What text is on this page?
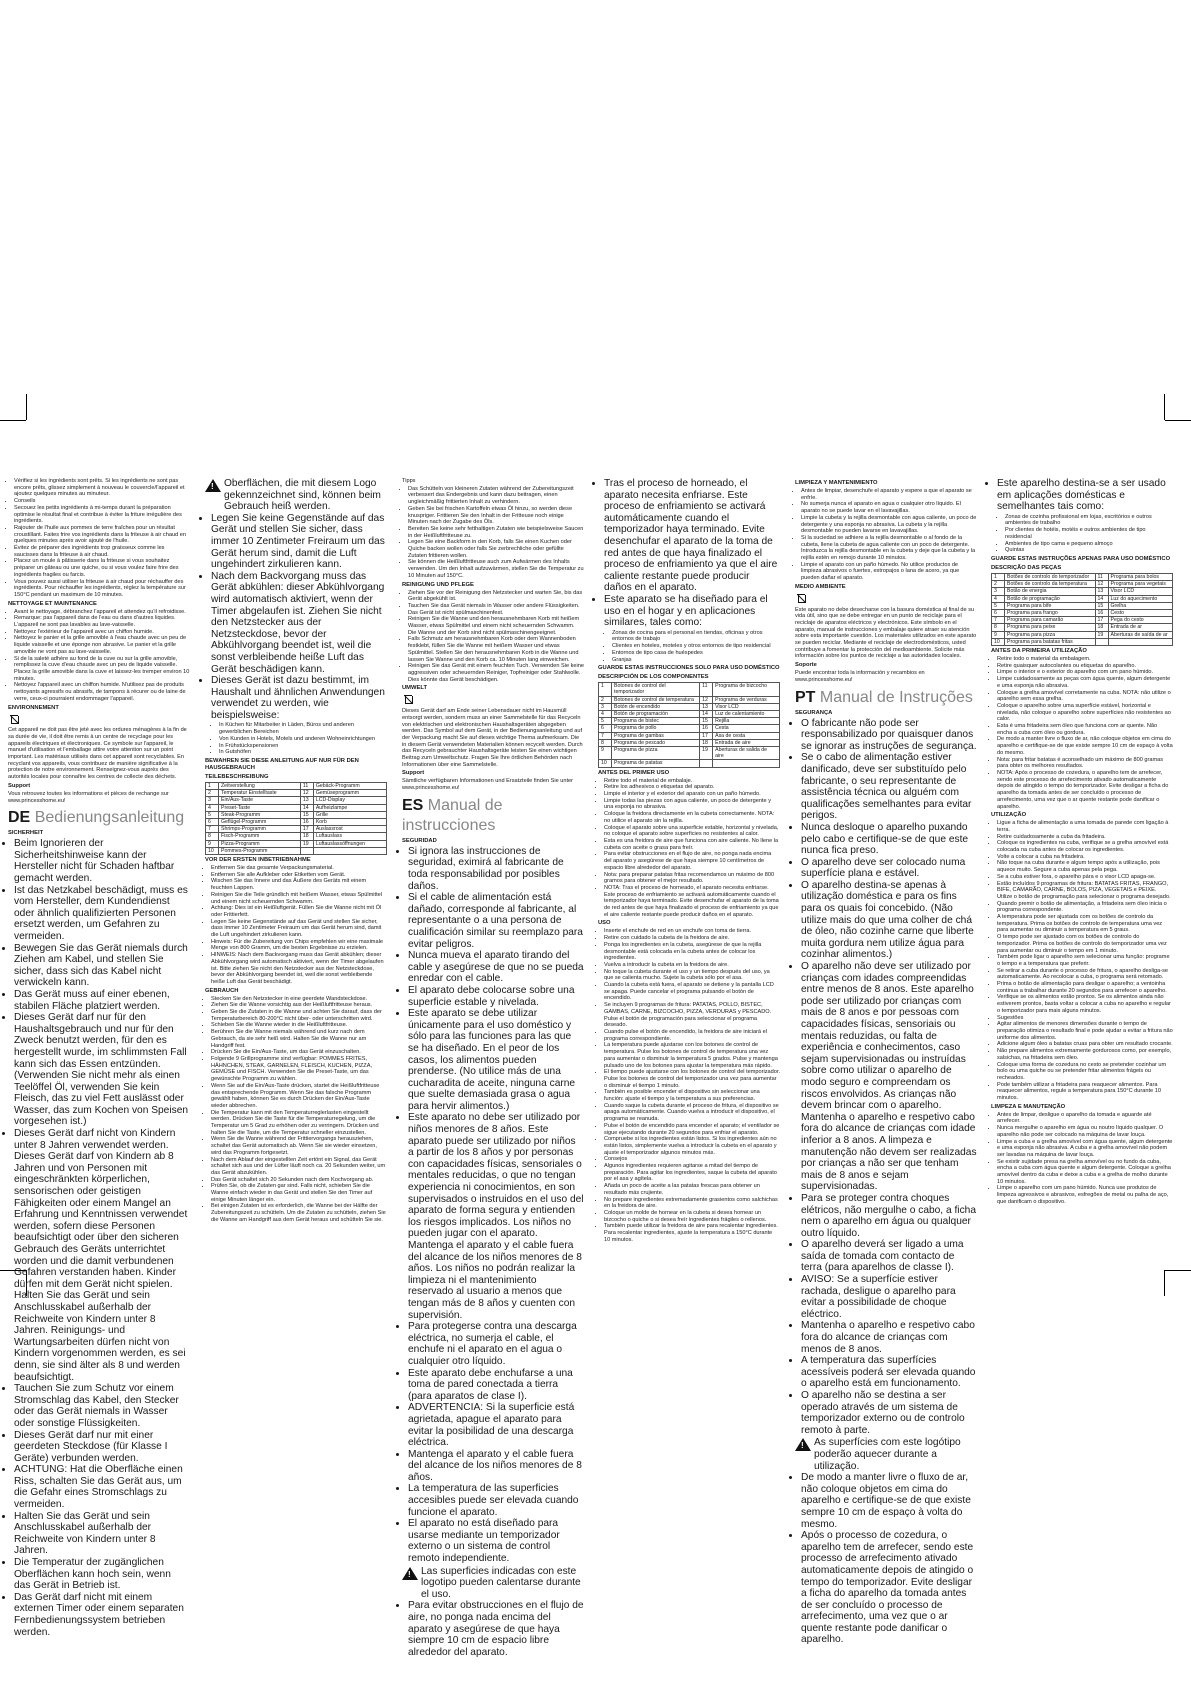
• Vérifiez si les ingrédients sont prêts. Si les ingrédients ne sont pas encore prêts, glissez simplement à nouveau le couvercle/l'appareil et ajoutez quelques minutes au minuteur.
• Conseils
• Secouez les petits ingrédients à mi-temps durant la préparation optimise le résultat final et contribue à éviter la friture irrégulière des ingrédients.
• Rajouter de l'huile aux pommes de terre fraîches pour un résultat croustillant. Faites frire vos ingrédients dans la friteuse à air chaud en quelques minutes après avoir ajouté de l'huile.
• Évitez de préparer des ingrédients trop graisseux comme les saucisses dans la friteuse à air chaud.
• Placez un moule à pâtisserie dans la friteuse si vous souhaitez préparer un gâteau ou une quiche, ou si vous voulez faire frire des ingrédients fragiles ou farcis.
• Vous pouvez aussi utiliser la friteuse à air chaud pour réchauffer des ingrédients. Pour réchauffer les ingrédients, réglez la température sur 150°C pendant un maximum de 10 minutes.
NETTOYAGE ET MAINTENANCE
• Avant le nettoyage, débranchez l'appareil et attendez qu'il refroidisse.
• Remarque: pas l'appareil dans de l'eau ou dans d'autres liquides. L'appareil ne sont pas lavables au lave-vaisselle.
• Nettoyez l'extérieur de l'appareil avec un chiffon humide.
• Nettoyez le panier et la grille amovible à l'eau chaude avec un peu de liquide vaisselle et une éponge non abrasive. Le panier et la grille amovible ne vont pas au lave-vaisselle.
• Si de la saleté adhère au fond de la cuve ou sur la grille amovible, remplissez la cuve d'eau chaude avec un peu de liquide vaisselle. Placez la grille amovible dans la cuve et laissez-les tremper environ 10 minutes.
• Nettoyez l'appareil avec un chiffon humide. N'utilisez pas de produits nettoyants agressifs ou abrasifs, de tampons à récurer ou de laine de verre, ceux-ci pourraient endommager l'appareil.
ENVIRONNEMENT

Cet appareil ne doit pas être jeté avec les ordures ménagères à la fin de sa durée de vie, il doit être remis à un centre de recyclage pour les appareils électriques et électroniques. Ce symbole sur l'appareil, le manuel d'utilisation et l'emballage attire votre attention sur un point important. Les matériaux utilisés dans cet appareil sont recyclables. En recyclant vos appareils, vous contribuez de manière significative à la protection de notre environnement. Renseignez-vous auprès des autorités locales pour connaître les centres de collecte des déchets.

Support

Vous retrouvez toutes les informations et pièces de rechange sur www.princesshome.eu!

DE Bedienungsanleitung
SICHERHEIT
• Beim Ignorieren der Sicherheitshinweise kann der Hersteller nicht für Schaden haftbar gemacht werden.
• Ist das Netzkabel beschädigt, muss es vom Hersteller, dem Kundendienst oder ähnlich qualifizierten Personen ersetzt werden, um Gefahren zu vermeiden.
• Bewegen Sie das Gerät niemals durch Ziehen am Kabel, und stellen Sie sicher, dass sich das Kabel nicht verwickeln kann.
• Das Gerät muss auf einer ebenen, stabilen Fläche platziert werden.
• Dieses Gerät darf nur für den Haushaltsgebrauch und nur für den Zweck benutzt werden, für den es hergestellt wurde, im schlimmsten Fall kann sich das Essen entzünden. (Verwenden Sie nicht mehr als einen Teelöffel Öl, verwenden Sie kein Fleisch, das zu viel Fett auslässt oder Wasser, das zum Kochen von Speisen vorgesehen ist.)
• Dieses Gerät darf nicht von Kindern unter 8 Jahren verwendet werden. Dieses Gerät darf von Kindern ab 8 Jahren und von Personen mit eingeschränkten körperlichen, sensorischen oder geistigen Fähigkeiten oder einem Mangel an Erfahrung und Kenntnissen verwendet werden, sofern diese Personen beaufsichtigt oder über den sicheren Gebrauch des Geräts unterrichtet worden und die damit verbundenen Gefahren verstanden haben. Kinder dürfen mit dem Gerät nicht spielen. Halten Sie das Gerät und sein Anschlusskabel außerhalb der Reichweite von Kindern unter 8 Jahren. Reinigungs- und Wartungsarbeiten dürfen nicht von Kindern vorgenommen werden, es sei denn, sie sind älter als 8 und werden beaufsichtigt.
• Tauchen Sie zum Schutz vor einem Stromschlag das Kabel, den Stecker oder das Gerät niemals in Wasser oder sonstige Flüssigkeiten.
• Dieses Gerät darf nur mit einer geerdeten Steckdose (für Klasse I Geräte) verbunden werden.
• ACHTUNG: Hat die Oberfläche einen Riss, schalten Sie das Gerät aus, um die Gefahr eines Stromschlags zu vermeiden.
• Halten Sie das Gerät und sein Anschlusskabel außerhalb der Reichweite von Kindern unter 8 Jahren.
• Die Temperatur der zugänglichen Oberflächen kann hoch sein, wenn das Gerät in Betrieb ist.
• Das Gerät darf nicht mit einem externen Timer oder einem separaten Fernbedienungssystem betrieben werden.
!
Oberflächen, die mit diesem Logo gekennzeichnet sind, können beim Gebrauch heiß werden.
• Legen Sie keine Gegenstände auf das Gerät und stellen Sie sicher, dass immer 10 Zentimeter Freiraum um das Gerät herum sind, damit die Luft ungehindert zirkulieren kann.
• Nach dem Backvorgang muss das Gerät abkühlen: dieser Abkühlvorgang wird automatisch aktiviert, wenn der Timer abgelaufen ist. Ziehen Sie nicht den Netzstecker aus der Netzsteckdose, bevor der Abkühlvorgang beendet ist, weil die sonst verbleibende heiße Luft das Gerät beschädigen kann.
• Dieses Gerät ist dazu bestimmt, im Haushalt und ähnlichen Anwendungen verwendet zu werden, wie beispielsweise:
• In Küchen für Mitarbeiter in Läden, Büros und anderen gewerblichen Bereichen
• Von Kunden in Hotels, Motels und anderen Wohneinrichtungen
• In Frühstückspensionen
• In Gutshöfen
BEWAHREN SIE DIESE ANLEITUNG AUF NUR FÜR DEN HAUSGEBRAUCH
TEILEBESCHREIBUNG
1	Zeitverstellung	11	Gebäck-Programm
2	Temperatur Einstelltaste	12	Gemüseprogramm
3	Ein/Aus-Taste	13	LCD-Display
4	Preset-Taste	14	Aufheizlampe
5	Steak-Programm	15	Grille
6	Geflügel-Programm	16	Korb
7	Shrimps-Programm	17	Auslassrost
8	Fisch-Programm	18	Luftauslass
9	Pizza-Programm	19	Luftauslassöffnungen
10	Pommes-Programm		
VOR DER ERSTEN INBETRIEBNAHME
• Entfernen Sie das gesamte Verpackungsmaterial.
• Entfernen Sie alle Aufkleber oder Etiketten vom Gerät.
• Wischen Sie das Innere und das Äußere des Geräts mit einem feuchten Lappen.
• Reinigen Sie die Teile gründlich mit heißem Wasser, etwas Spülmittel und einem nicht scheuernden Schwamm.
• Achtung: Dies ist ein Heißluftgerät. Füllen Sie die Wanne nicht mit Öl oder Frittierfett.
• Legen Sie keine Gegenstände auf das Gerät und stellen Sie sicher, dass immer 10 Zentimeter Freiraum um das Gerät herum sind, damit die Luft ungehindert zirkulieren kann.
• Hinweis: Für die Zubereitung von Chips empfehlen wir eine maximale Menge von 800 Gramm, um die besten Ergebnisse zu erzielen.
• HINWEIS: Nach dem Backvorgang muss das Gerät abkühlen; dieser Abkühlvorgang wird automatisch aktiviert, wenn der Timer abgelaufen ist. Bitte ziehen Sie nicht den Netzstecker aus der Netzsteckdose, bevor der Abkühlvorgang beendet ist, weil die sonst verbleibende heiße Luft das Gerät beschädigt.
GEBRAUCH
• Stecken Sie den Netzstecker in eine geerdete Wandsteckdose.
• Ziehen Sie die Wanne vorsichtig aus der Heißluftfritteuse heraus.
• Geben Sie die Zutaten in die Wanne und achten Sie darauf, dass der Temperaturbereich 80-200°C nicht über- oder unterschritten wird.
• Schieben Sie die Wanne wieder in die Heißluftfritteuse.
• Berühren Sie die Wanne niemals während und kurz nach dem Gebrauch, da sie sehr heiß wird. Halten Sie die Wanne nur am Handgriff fest.
• Drücken Sie die Ein/Aus-Taste, um das Gerät einzuschalten.
• Folgende 9 Grillprogramme sind verfügbar: POMMES FRITES, HÄHNCHEN, STEAK, GARNELEN, FLEISCH, KUCHEN, PIZZA, GEMÜSE und FISCH. Verwenden Sie die Preset-Taste, um das gewünschte Programm zu wählen.
• Wenn Sie auf die Ein/Aus-Taste drücken, startet die Heißluftfritteuse das entsprechende Programm. Wenn Sie das falsche Programm gewählt haben, können Sie es durch Drücken der Ein/Aus-Taste wieder abbrechen.
• Die Temperatur kann mit den Temperaturreglerlasten eingestellt werden. Drücken Sie die Taste für die Temperaturregelung, um die Temperatur um 5 Grad zu erhöhen oder zu verringern. Drücken und halten Sie die Taste, um die Temperatur schneller einzustellen.
• Wenn Sie die Wanne während der Frittiervorgangs herausziehen, schaltet das Gerät automatisch ab. Wenn Sie sie wieder einsetzen, wird das Programm fortgesetzt.
• Nach dem Ablauf der eingestellten Zeit ertönt ein Signal, das Gerät schaltet sich aus und der Lüfter läuft noch ca. 20 Sekunden weiter, um das Gerät abzukühlen.
• Das Gerät schaltet sich 20 Sekunden nach dem Kochvorgang ab.
• Prüfen Sie, ob die Zutaten gar sind. Falls nicht, schieben Sie die Wanne einfach wieder in das Gerät und stellen Sie den Timer auf einige Minuten länger ein.
• Bei einigen Zutaten ist es erforderlich, die Wanne bei der Hälfte der Zubereitungszeit zu schütteln. Um die Zutaten zu schütteln, ziehen Sie die Wanne am Handgriff aus dem Gerät heraus und schütteln Sie sie.

Tipps

• Das Schütteln von kleineren Zutaten während der Zubereitungszeit verbessert das Endergebnis und kann dazu beitragen, einen ungleichmäßig frittierten Inhalt zu verhindern.
• Geben Sie bei frischen Kartoffeln etwas Öl hinzu, so werden diese knuspriger. Frittieren Sie den Inhalt in der Fritteuse noch einige Minuten nach der Zugabe des Öls.
• Bereiten Sie keine sehr fetthaltigen Zutaten wie beispielsweise Saucen in der Heißluftfritteuse zu.
• Legen Sie eine Backform in den Korb, falls Sie einen Kuchen oder Quiche backen wollen oder falls Sie zerbrechliche oder gefüllte Zutaten frittieren wollen.
• Sie können die Heißluftfritteuse auch zum Aufwärmen des Inhalts verwenden. Um den Inhalt aufzuwärmen, stellen Sie die Temperatur zu 10 Minuten auf 150°C.
REINIGUNG UND PFLEGE
• Ziehen Sie vor der Reinigung den Netzstecker und warten Sie, bis das Gerät abgekühlt ist.
• Tauchen Sie das Gerät niemals in Wasser oder andere Flüssigkeiten. Das Gerät ist nicht spülmaschinenfest.
• Reinigen Sie die Wanne und den herausnehmbaren Korb mit heißem Wasser, etwas Spülmittel und einem nicht scheuernden Schwamm. Die Wanne und der Korb sind nicht spülmaschinengeeignet.
• Falls Schmutz am herausnehmbaren Korb oder dem Wannenboden festklebt, füllen Sie die Wanne mit heißem Wasser und etwas Spülmittel. Stellen Sie den herausnehmbaren Korb in die Wanne und lassen Sie Wanne und den Korb ca. 10 Minuten lang einweichen.
• Reinigen Sie das Gerät mit einem feuchten Tuch. Verwenden Sie keine aggressiven oder scheuernden Reiniger, Topfreiniger oder Stahlwolle. Dies könnte das Gerät beschädigen.
UMWELT

Dieses Gerät darf am Ende seiner Lebensdauer nicht im Hausmüll entsorgt werden, sondern muss an einer Sammelstelle für das Recyceln von elektrischen und elektronischen Haushaltsgeräten abgegeben werden. Das Symbol auf dem Gerät, in der Bedienungsanleitung und auf der Verpackung macht Sie auf dieses wichtige Thema aufmerksam. Die in diesem Gerät verwendeten Materialien können recycelt werden. Durch das Recyceln gebrauchter Haushaltsgeräte leisten Sie einen wichtigen Beitrag zum Umweltschutz. Fragen Sie Ihre örtlichen Behörden nach Informationen über eine Sammelstelle.

Support

Sämtliche verfügbaren Informationen und Ersatzteile finden Sie unter www.princesshome.eu!

ES Manual de instrucciones
SEGURIDAD
• Si ignora las instrucciones de seguridad, eximirá al fabricante de toda responsabilidad por posibles daños.
• Si el cable de alimentación está dañado, corresponde al fabricante, al representante o a una persona de cualificación similar su reemplazo para evitar peligros.
• Nunca mueva el aparato tirando del cable y asegúrese de que no se pueda enredar con el cable.
• El aparato debe colocarse sobre una superficie estable y nivelada.
• Este aparato se debe utilizar únicamente para el uso doméstico y sólo para las funciones para las que se ha diseñado. En el peor de los casos, los alimentos pueden prenderse. (No utilice más de una cucharadita de aceite, ninguna carne que suelte demasiada grasa o agua para hervir alimentos.)
• Este aparato no debe ser utilizado por niños menores de 8 años. Este aparato puede ser utilizado por niños a partir de los 8 años y por personas con capacidades físicas, sensoriales o mentales reducidas, o que no tengan experiencia ni conocimientos, en son supervisados o instruidos en el uso del aparato de forma segura y entienden los riesgos implicados. Los niños no pueden jugar con el aparato. Mantenga el aparato y el cable fuera del alcance de los niños menores de 8 años. Los niños no podrán realizar la limpieza ni el mantenimiento reservado al usuario a menos que tengan más de 8 años y cuenten con supervisión.
• Para protegerse contra una descarga eléctrica, no sumerja el cable, el enchufe ni el aparato en el agua o cualquier otro líquido.
• Este aparato debe enchufarse a una toma de pared conectada a tierra (para aparatos de clase I).
• ADVERTENCIA: Si la superficie está agrietada, apague el aparato para evitar la posibilidad de una descarga eléctrica.
• Mantenga el aparato y el cable fuera del alcance de los niños menores de 8 años.
• La temperatura de las superficies accesibles puede ser elevada cuando funcione el aparato.
• El aparato no está diseñado para usarse mediante un temporizador externo o un sistema de control remoto independiente.
!
Las superficies indicadas con este logotipo pueden calentarse durante el uso.
• Para evitar obstrucciones en el flujo de aire, no ponga nada encima del aparato y asegúrese de que haya siempre 10 cm de espacio libre alrededor del aparato.
• Tras el proceso de horneado, el aparato necesita enfriarse. Este proceso de enfriamiento se activará automáticamente cuando el temporizador haya terminado. Evite desenchufar el aparato de la toma de red antes de que haya finalizado el proceso de enfriamiento ya que el aire caliente restante puede producir daños en el aparato.
• Este aparato se ha diseñado para el uso en el hogar y en aplicaciones similares, tales como:
• Zonas de cocina para el personal en tiendas, oficinas y otros entornos de trabajo
• Clientes en hoteles, moteles y otros entornos de tipo residencial
• Entornos de tipo casa de huéspedes
• Granjas
GUARDE ESTAS INSTRUCCIONES SOLO PARA USO DOMÉSTICO
DESCRIPCIÓN DE LOS COMPONENTES
1	Botones de control del temporizador	11	Programa de bizcocho
2	Botones de control de temperatura	12	Programa de verduras
3	Botón de encendido	13	Visor LCD
4	Botón de programación	14	Luz de calentamiento
5	Programa de bistec	15	Rejilla
6	Programa de pollo	16	Cesta
7	Programa de gambas	17	Asa de cesta
8	Programa de pescado	18	Entrada de aire
9	Programa de pizza	19	Aberturas de salida de aire
10	Programa de patatas		
ANTES DEL PRIMER USO
• Retire todo el material de embalaje.
• Retire los adhesivos o etiquetas del aparato.
• Limpie el interior y el exterior del aparato con un paño húmedo.
• Limpie todas las piezas con agua caliente, un poco de detergente y una esponja no abrasiva.
• Coloque la freidora directamente en la cubeta correctamente. NOTA: no utilice el aparato sin la rejilla.
• Coloque el aparato sobre una superficie estable, horizontal y nivelada, no coloque el aparato sobre superficies no resistentes al calor.
• Esta es una freidora de aire que funciona con aire caliente. No llene la cubeta con aceite o grasa para freír.
• Para evitar obstrucciones en el flujo de aire, no ponga nada encima del aparato y asegúrese de que haya siempre 10 centímetros de espacio libre alrededor del aparato.
• Nota: para preparar patatas fritas recomendamos un máximo de 800 gramos para obtener el mejor resultado.
• NOTA: Tras el proceso de horneado, el aparato necesita enfriarse. Este proceso de enfriamiento se activará automáticamente cuando el temporizador haya terminado. Evite desenchufar el aparato de la toma de red antes de que haya finalizado el proceso de enfriamiento ya que el aire caliente restante puede producir daños en el aparato.
USO
• Inserte el enchufe de red en un enchufe con toma de tierra.
• Retire con cuidado la cubeta de la freidora de aire.
• Ponga los ingredientes en la cubeta, asegúrese de que la rejilla desmontable está colocada en la cubeta antes de colocar los ingredientes.
• Vuelva a introducir la cubeta en la freidora de aire.
• No toque la cubeta durante el uso y un tiempo después del uso, ya que se calienta mucho. Sujete la cubeta sólo por el asa.
• Cuando la cubeta está fuera, el aparato se detiene y la pantalla LCD se apaga. Puede cancelar el programa pulsando el botón de encendido.
• Se incluyen 9 programas de fritura: PATATAS, POLLO, BISTEC, GAMBAS, CARNE, BIZCOCHO, PIZZA, VERDURAS y PESCADO. Pulse el botón de programación para seleccionar el programa deseado.
• Cuando pulse el botón de encendido, la freidora de aire iniciará el programa correspondiente.
• La temperatura puede ajustarse con los botones de control de temperatura. Pulse los botones de control de temperatura una vez para aumentar o disminuir la temperatura 5 grados. Pulse y mantenga pulsado uno de los botones para ajustar la temperatura más rápido.
• El tiempo puede ajustarse con los botones de control del temporizador. Pulse los botones de control del temporizador una vez para aumentar o disminuir el tiempo 1 minuto.
• También es posible encender el dispositivo sin seleccionar una función: ajuste el tiempo y la temperatura a sus preferencias.
• Cuando saque la cubeta durante el proceso de fritura, el dispositivo se apaga automáticamente. Cuando vuelva a introducir el dispositivo, el programa se reanuda.
• Pulse el botón de encendido para encender el aparato; el ventilador se sigue ejecutando durante 20 segundos para enfriar el aparato.
• Compruebe si los ingredientes están listos. Si los ingredientes aún no están listos, simplemente vuelva a introducir la cubeta en el aparato y ajuste el temporizador algunos minutos más.
• Consejos
• Algunos ingredientes requieren agitarse a mitad del tiempo de preparación. Para agitar los ingredientes, saque la cubeta del aparato por el asa y agítela.
• Añada un poco de aceite a las patatas frescas para obtener un resultado más crujiente.
• No prepare ingredientes extremadamente grasientos como salchichas en la freidora de aire.
• Coloque un molde de hornear en la cubeta si desea hornear un bizcocho o quiche o si desea freír ingredientes frágiles o rellenos.
• También puede utilizar la freidora de aire para recalentar ingredientes. Para recalentar ingredientes, ajuste la temperatura a 150°C durante 10 minutos.
LIMPIEZA Y MANTENIMIENTO
• Antes de limpiar, desenchufe el aparato y espere a que el aparato se enfríe.
• No sumerja nunca el aparato en agua o cualquier otro líquido. El aparato no se puede lavar en el lavavajillas.
• Limpie la cubeta y la rejilla desmontable con agua caliente, un poco de detergente y una esponja no abrasiva. La cubeta y la rejilla desmontable no pueden lavarse en lavavajillas.
• Si la suciedad se adhiere a la rejilla desmontable o al fondo de la cubeta, llene la cubeta de agua caliente con un poco de detergente. Introduzca la rejilla desmontable en la cubeta y deje que la cubeta y la rejilla estén en remojo durante 10 minutos.
• Limpie el aparato con un paño húmedo. No utilice productos de limpieza abrasivos o fuertes, estropajos o lana de acero, ya que pueden dañar el aparato.
MEDIO AMBIENTE

Este aparato no debe desecharse con la basura doméstica al final de su vida útil, sino que se debe entregar en un punto de reciclaje para el reciclaje de aparatos eléctricos y electrónicos. Este símbolo en el aparato, manual de instrucciones y embalaje quiere atraer su atención sobre esta importante cuestión. Los materiales utilizados en este aparato se pueden reciclar. Mediante el reciclaje de electrodomésticos, usted contribuye a fomentar la protección del medioambiente. Solicite más información sobre los puntos de reciclaje a las autoridades locales.

Soporte

Puede encontrar toda la información y recambios en www.princesshome.eu!

PT Manual de Instruções
SEGURANÇA
• O fabricante não pode ser responsabilizado por quaisquer danos se ignorar as instruções de segurança.
• Se o cabo de alimentação estiver danificado, deve ser substituído pelo fabricante, o seu representante de assistência técnica ou alguém com qualificações semelhantes para evitar perigos.
• Nunca desloque o aparelho puxando pelo cabo e certifique-se de que este nunca fica preso.
• O aparelho deve ser colocado numa superfície plana e estável.
• O aparelho destina-se apenas à utilização doméstica e para os fins para os quais foi concebido. (Não utilize mais do que uma colher de chá de óleo, não cozinhe carne que liberte muita gordura nem utilize água para cozinhar alimentos.)
• O aparelho não deve ser utilizado por crianças com idades compreendidas entre menos de 8 anos. Este aparelho pode ser utilizado por crianças com mais de 8 anos e por pessoas com capacidades físicas, sensoriais ou mentais reduzidas, ou falta de experiência e conhecimentos, caso sejam supervisionadas ou instruídas sobre como utilizar o aparelho de modo seguro e compreendam os riscos envolvidos. As crianças não devem brincar com o aparelho. Mantenha o aparelho e respetivo cabo fora do alcance de crianças com idade inferior a 8 anos. A limpeza e manutenção não devem ser realizadas por crianças a não ser que tenham mais de 8 anos e sejam supervisionadas.
• Para se proteger contra choques elétricos, não mergulhe o cabo, a ficha nem o aparelho em água ou qualquer outro líquido.
• O aparelho deverá ser ligado a uma saída de tomada com contacto de terra (para aparelhos de classe I).
• AVISO: Se a superfície estiver rachada, desligue o aparelho para evitar a possibilidade de choque eléctrico.
• Mantenha o aparelho e respetivo cabo fora do alcance de crianças com menos de 8 anos.
• A temperatura das superfícies acessíveis poderá ser elevada quando o aparelho está em funcionamento.
• O aparelho não se destina a ser operado através de um sistema de temporizador externo ou de controlo remoto à parte.
!
As superfícies com este logótipo poderão aquecer durante a utilização.
• De modo a manter livre o fluxo de ar, não coloque objetos em cima do aparelho e certifique-se de que existe sempre 10 cm de espaço à volta do mesmo.
• Após o processo de cozedura, o aparelho tem de arrefecer, sendo este processo de arrefecimento ativado automaticamente depois de atingido o tempo do temporizador. Evite desligar a ficha do aparelho da tomada antes de ser concluído o processo de arrefecimento, uma vez que o ar quente restante pode danificar o aparelho.
• Este aparelho destina-se a ser usado em aplicações domésticas e semelhantes tais como:
• Zonas de cozinha profissional em lojas, escritórios e outros ambientes de trabalho
• Por clientes de hotéis, motéis e outros ambientes de tipo residencial
• Ambientes de tipo cama e pequeno almoço
• Quintas
GUARDE ESTAS INSTRUÇÕES APENAS PARA USO DOMÉSTICO
DESCRIÇÃO DAS PEÇAS
1	Botões de controlo do temporizador	11	Programa para bolos
2	Botões de controlo da temperatura	12	Programa para vegetais
3	Botão de energia	13	Visor LCD
4	Botão de programação	14	Luz do aquecimento
5	Programa para bife	15	Grelha
6	Programa para frango	16	Cesto
7	Programa para camarão	17	Pega do cesto
8	Programa para peixe	18	Entrada de ar
9	Programa para pizza	19	Aberturas de saída de ar
10	Programa para batatas fritas		
ANTES DA PRIMEIRA UTILIZAÇÃO
• Retire todo o material da embalagem.
• Retire quaisquer autocolantes ou etiquetas do aparelho.
• Limpe o interior e o exterior do aparelho com um pano húmido.
• Limpe cuidadosamente as peças com água quente, algum detergente e uma esponja não abrasiva.
• Coloque a grelha amovível corretamente na cuba. NOTA: não utilize o aparelho sem essa grelha.
• Coloque o aparelho sobre uma superfície estável, horizontal e nivelada, não coloque o aparelho sobre superfícies não resistentes ao calor.
• Esta é uma fritadeira sem óleo que funciona com ar quente. Não encha a cuba com óleo ou gordura.
• De modo a manter livre o fluxo de ar, não coloque objetos em cima do aparelho e certifique-se de que existe sempre 10 cm de espaço à volta do mesmo.
• Nota: para fritar batatas é aconselhado um máximo de 800 gramas para obter os melhores resultados.
• NOTA: Após o processo de cozedura, o aparelho tem de arrefecer, sendo este processo de arrefecimento ativado automaticamente depois de atingido o tempo do temporizador. Evite desligar a ficha do aparelho da tomada antes de ser concluído o processo de arrefecimento, uma vez que o ar quente restante pode danificar o aparelho.
UTILIZAÇÃO
• Ligue a ficha de alimentação a uma tomada de parede com ligação à terra.
• Retire cuidadosamente a cuba da fritadeira.
• Coloque os ingredientes na cuba, verifique se a grelha amovível está colocada na cuba antes de colocar os ingredientes.
• Volte a colocar a cuba na fritadeira.
• Não toque na cuba durante e algum tempo após a utilização, pois aquece muito. Segure a cuba apenas pela pega.
• Se a cuba estiver fora, o aparelho pára e o visor LCD apaga-se.
• Estão incluídos 9 programas de fritura: BATATAS FRITAS, FRANGO, BIFE, CAMARÃO, CARNE, BOLOS, PIZA, VEGETAIS e PEIXE. Utilize o botão de programação para selecionar o programa desejado.
• Quando premir o botão de alimentação, a fritadeira sem óleo inicia o programa correspondente.
• A temperatura pode ser ajustada com os botões de controlo da temperatura. Prima os botões de controlo de temperatura uma vez para aumentar ou diminuir a temperatura em 5 graus.
• O tempo pode ser ajustado com os botões de controlo do temporizador. Prima os botões de controlo do temporizador uma vez para aumentar ou diminuir o tempo em 1 minuto.
• Também pode ligar o aparelho sem selecionar uma função: programe o tempo e a temperatura que preferir.
• Se retirar a cuba durante o processo de fritura, o aparelho desliga-se automaticamente. Ao recolocar a cuba, o programa será retomado.
• Prima o botão de alimentação para desligar o aparelho; a ventoinha continua a trabalhar durante 20 segundos para arrefecer o aparelho.
• Verifique se os alimentos estão prontos. Se os alimentos ainda não estiverem prontos, basta voltar a colocar a cuba no aparelho e regular o temporizador para mais alguns minutos.
• Sugestões
• Agitar alimentos de menores dimensões durante o tempo de preparação otimiza o resultado final e pode ajudar a evitar a fritura não uniforme dos alimentos.
• Adicione algum óleo a batatas cruas para obter um resultado crocante.
• Não prepare alimentos extremamente gordurosos como, por exemplo, salsichas, na fritadeira sem óleo.
• Coloque uma forma de cozedura no cesto se pretender cozinhar um bolo ou uma quiche ou se pretender fritar alimentos frágeis ou recheados.
• Pode também utilizar a fritadeira para reaquecer alimentos. Para reaquecer alimentos, regule a temperatura para 150°C durante 10 minutos.
LIMPEZA E MANUTENÇÃO
• Antes de limpar, desligue o aparelho da tomada e aguarde até arrefecer.
• Nunca mergulhe o aparelho em água ou noutro líquido qualquer. O aparelho não pode ser colocado na máquina de lavar louça.
• Limpe a cuba e a grelha amovível com água quente, algum detergente e uma esponja não abrasiva. A cuba e a grelha amovível não podem ser lavadas na máquina de lavar louça.
• Se existir sujidade presa na grelha amovível ou no fundo da cuba, encha a cuba com água quente e algum detergente. Coloque a grelha amovível dentro da cuba e deixe a cuba e a grelha de molho durante 10 minutos.
• Limpe o aparelho com um pano húmido. Nunca use produtos de limpeza agressivos e abrasivos, esfregões de metal ou palha de aço, que danificam o dispositivo.
